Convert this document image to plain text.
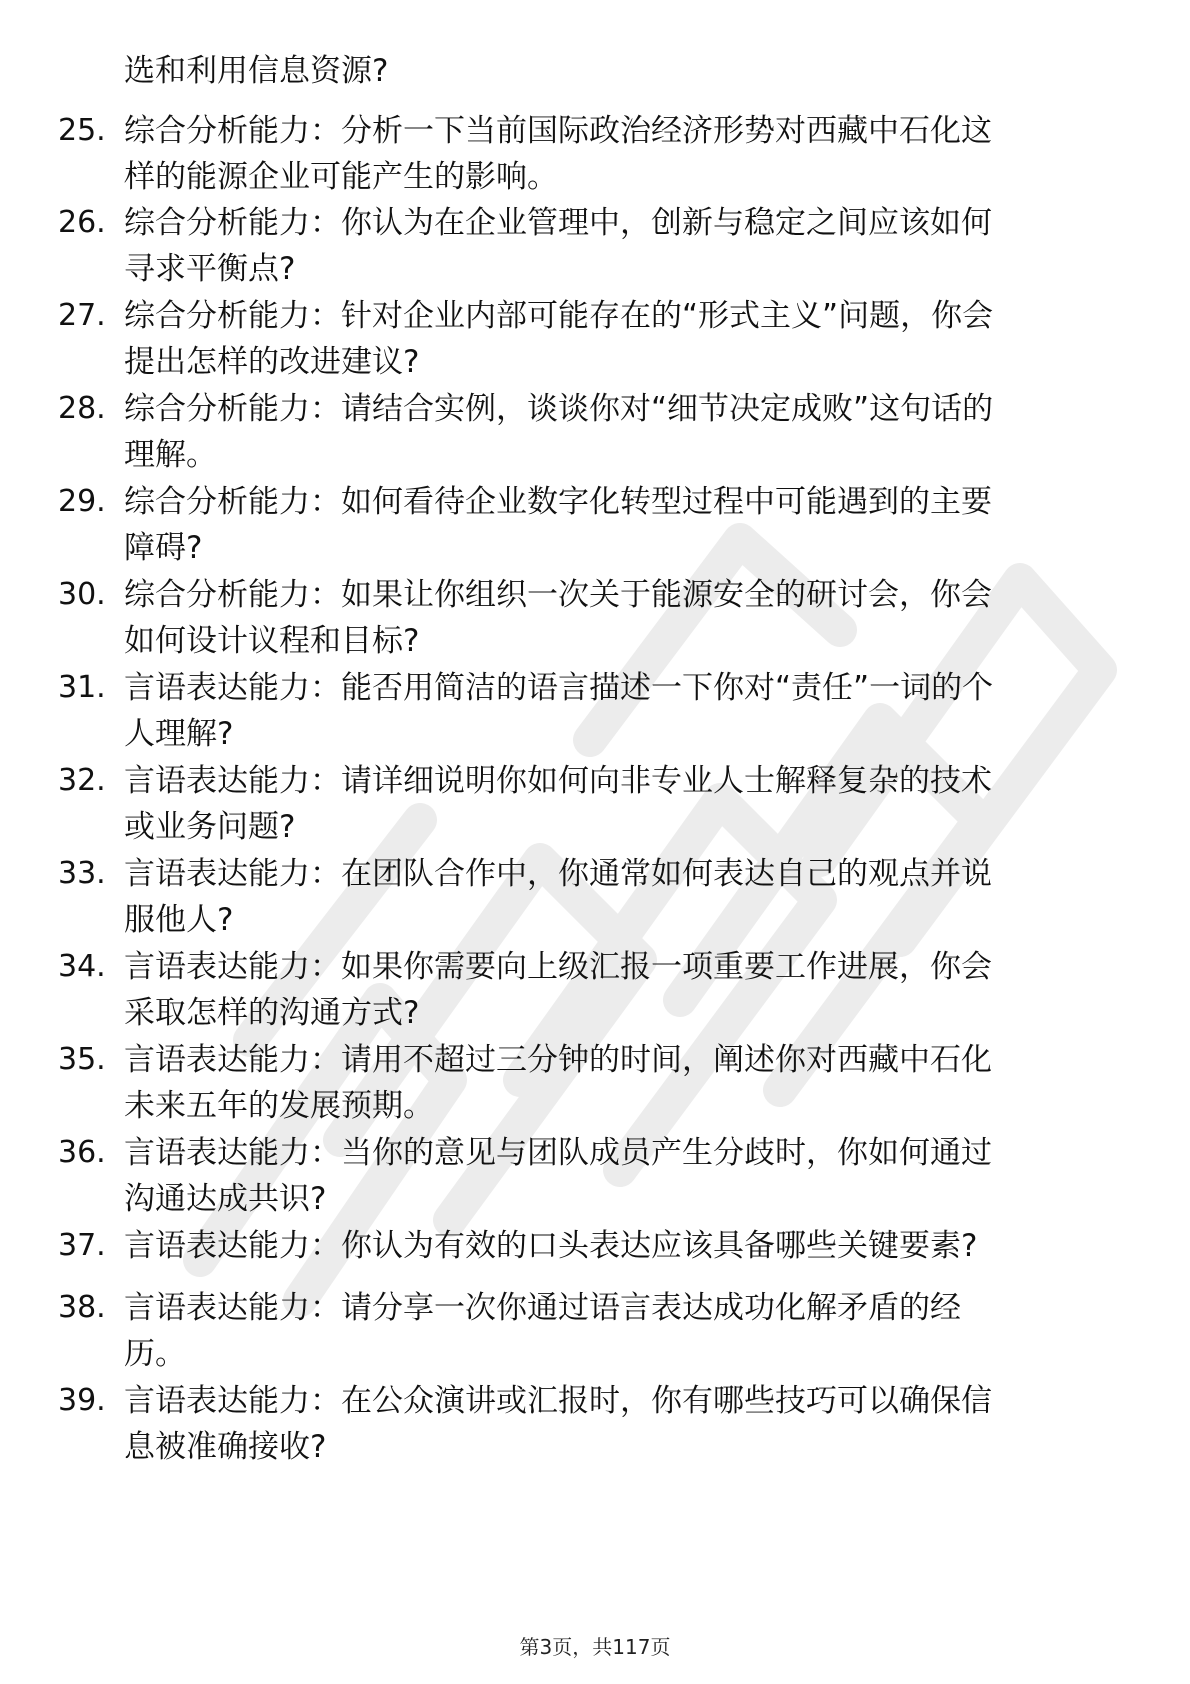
选和利用信息资源?
25. 综合分析能力：分析一下当前国际政治经济形势对西藏中石化这
样的能源企业可能产生的影响。
26. 综合分析能力：你认为在企业管理中，创新与稳定之间应该如何
寻求平衡点?
27. 综合分析能力：针对企业内部可能存在的“形式主义”问题，你会
提出怎样的改进建议?
28. 综合分析能力：请结合实例，谈谈你对“细节决定成败”这句话的
理解。
29. 综合分析能力：如何看待企业数字化转型过程中可能遇到的主要
障碍?
30. 综合分析能力：如果让你组织一次关于能源安全的研讨会，你会
如何设计议程和目标?
31. 言语表达能力：能否用简洁的语言描述一下你对“责任”一词的个
人理解?
32. 言语表达能力：请详细说明你如何向非专业人士解释复杂的技术
或业务问题?
33. 言语表达能力：在团队合作中，你通常如何表达自己的观点并说
服他人?
34. 言语表达能力：如果你需要向上级汇报一项重要工作进展，你会
采取怎样的沟通方式?
35. 言语表达能力：请用不超过三分钟的时间，阐述你对西藏中石化
未来五年的发展预期。
36. 言语表达能力：当你的意见与团队成员产生分歧时，你如何通过
沟通达成共识?
37. 言语表达能力：你认为有效的口头表达应该具备哪些关键要素?
38. 言语表达能力：请分享一次你通过语言表达成功化解矛盾的经
历。
39. 言语表达能力：在公众演讲或汇报时，你有哪些技巧可以确保信
息被准确接收?
第3页，共117页
